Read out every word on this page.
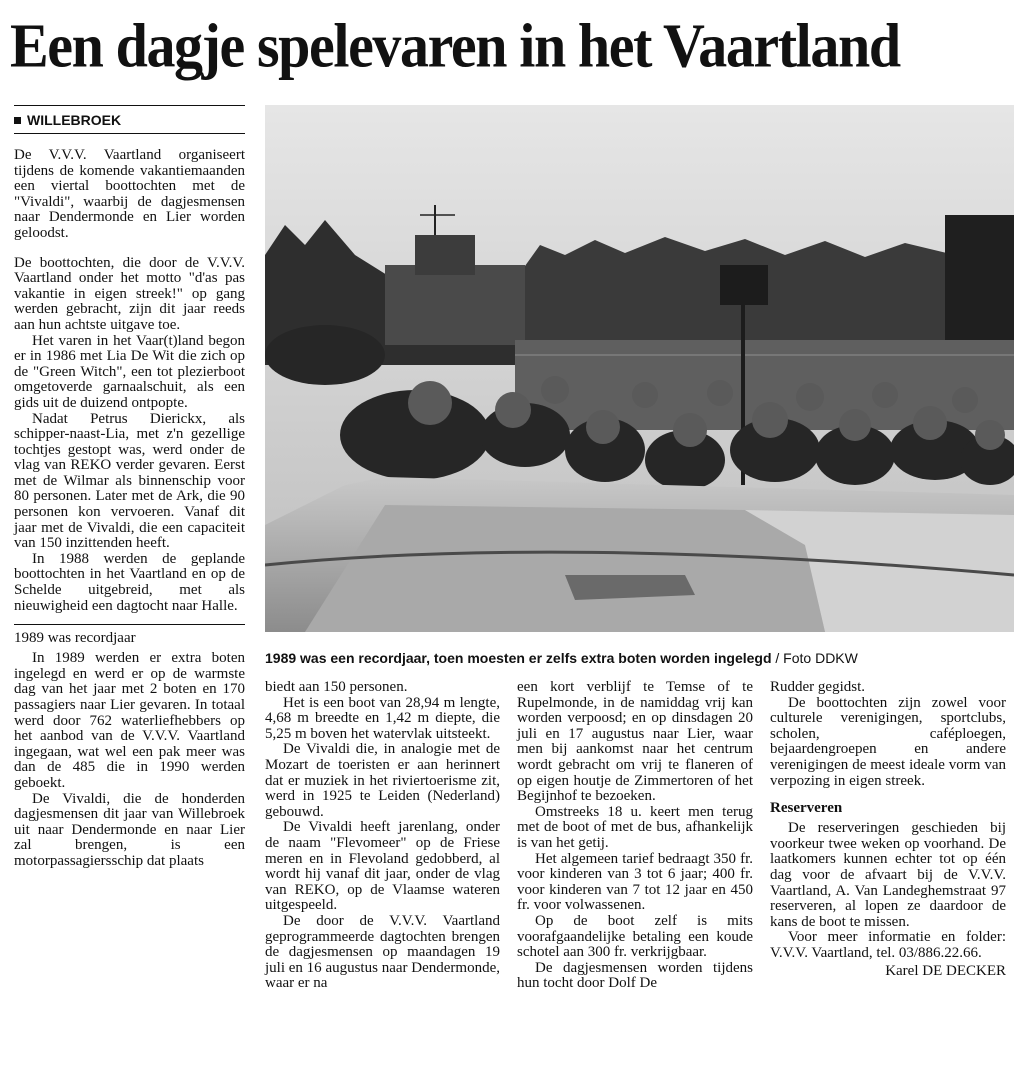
Een dagje spelevaren in het Vaartland
WILLEBROEK

De V.V.V. Vaartland organiseert tijdens de komende vakantiemaanden een viertal boottochten met de "Vivaldi", waarbij de dagjesmensen naar Dendermonde en Lier worden geloodst.

De boottochten, die door de V.V.V. Vaartland onder het motto "d'as pas vakantie in eigen streek!" op gang werden gebracht, zijn dit jaar reeds aan hun achtste uitgave toe.

Het varen in het Vaar(t)land begon er in 1986 met Lia De Wit die zich op de "Green Witch", een tot plezierboot omgetoverde garnaalschuit, als een gids uit de duizend ontpopte.

Nadat Petrus Dierickx, als schipper-naast-Lia, met z'n gezellige tochtjes gestopt was, werd onder de vlag van REKO verder gevaren. Eerst met de Wilmar als binnenschip voor 80 personen. Later met de Ark, die 90 personen kon vervoeren. Vanaf dit jaar met de Vivaldi, die een capaciteit van 150 inzittenden heeft.

In 1988 werden de geplande boottochten in het Vaartland en op de Schelde uitgebreid, met als nieuwigheid een dagtocht naar Halle.

1989 was recordjaar

In 1989 werden er extra boten ingelegd en werd er op de warmste dag van het jaar met 2 boten en 170 passagiers naar Lier gevaren. In totaal werd door 762 waterliefhebbers op het aanbod van de V.V.V. Vaartland ingegaan, wat wel een pak meer was dan de 485 die in 1990 werden geboekt.

De Vivaldi, die de honderden dagjesmensen dit jaar van Willebroek uit naar Dendermonde en naar Lier zal brengen, is een motorpassagiersschip dat plaats

1989 was een recordjaar, toen moesten er zelfs extra boten worden ingelegd / Foto DDKW

biedt aan 150 personen.

Het is een boot van 28,94 m lengte, 4,68 m breedte en 1,42 m diepte, die 5,25 m boven het watervlak uitsteekt.

De Vivaldi die, in analogie met de Mozart de toeristen er aan herinnert dat er muziek in het riviertoerisme zit, werd in 1925 te Leiden (Nederland) gebouwd.

De Vivaldi heeft jarenlang, onder de naam "Flevomeer" op de Friese meren en in Flevoland gedobberd, al wordt hij vanaf dit jaar, onder de vlag van REKO, op de Vlaamse wateren uitgespeeld.

De door de V.V.V. Vaartland geprogrammeerde dagtochten brengen de dagjesmensen op maandagen 19 juli en 16 augustus naar Dendermonde, waar er na

een kort verblijf te Temse of te Rupelmonde, in de namiddag vrij kan worden verpoosd; en op dinsdagen 20 juli en 17 augustus naar Lier, waar men bij aankomst naar het centrum wordt gebracht om vrij te flaneren of op eigen houtje de Zimmertoren of het Begijnhof te bezoeken.

Omstreeks 18 u. keert men terug met de boot of met de bus, afhankelijk is van het getij.

Het algemeen tarief bedraagt 350 fr. voor kinderen van 3 tot 6 jaar; 400 fr. voor kinderen van 7 tot 12 jaar en 450 fr. voor volwassenen.

Op de boot zelf is mits voorafgaandelijke betaling een koude schotel aan 300 fr. verkrijgbaar.

De dagjesmensen worden tijdens hun tocht door Dolf De

Rudder gegidst.

De boottochten zijn zowel voor culturele verenigingen, sportclubs, scholen, caféploegen, bejaardengroepen en andere verenigingen de meest ideale vorm van verpozing in eigen streek.

Reserveren

De reserveringen geschieden bij voorkeur twee weken op voorhand. De laatkomers kunnen echter tot op één dag voor de afvaart bij de V.V.V. Vaartland, A. Van Landeghemstraat 97 reserveren, al lopen ze daardoor de kans de boot te missen.

Voor meer informatie en folder: V.V.V. Vaartland, tel. 03/886.22.66.

Karel DE DECKER
